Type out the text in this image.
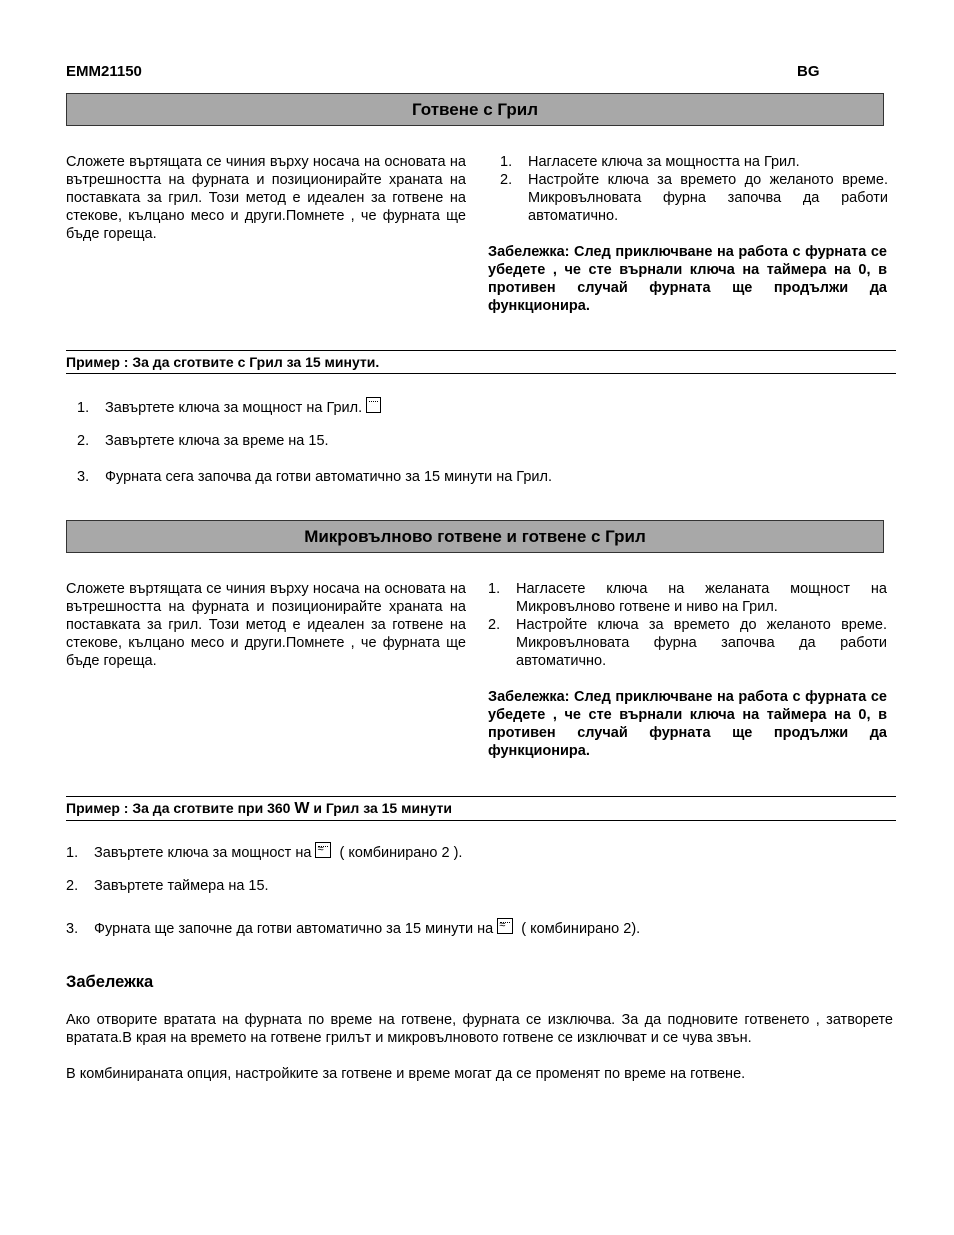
EMM21150	BG
Готвене с Грил

Сложете въртящата се чиния върху носача на основата на вътрешността на фурната и позиционирайте храната на поставката за грил. Този метод е идеален за готвене на стекове, кълцано месо и други.Помнете , че фурната ще бъде гореща.

1. Нагласете ключа за мощността на Грил.
2. Настройте ключа за времето до желаното време. Микровълновата фурна започва да работи автоматично.

Забележка: След приключване на работа с фурната се убедете , че сте върнали ключа на таймера на 0, в противен случай фурната ще продължи да функционира.

Пример : За да сготвите с Грил за 15 минути.
1. Завъртете ключа за мощност на Грил.
2. Завъртете ключа за време на 15.
3. Фурната сега започва да готви автоматично за 15 минути на Грил.
Микровълново готвене и готвене с Грил

Сложете въртящата се чиния върху носача на основата на вътрешността на фурната и позиционирайте храната на поставката за грил. Този метод е идеален за готвене на стекове, кълцано месо и други.Помнете , че фурната ще бъде гореща.

1. Нагласете ключа на желаната мощност на Микровълново готвене и ниво на Грил.
2. Настройте ключа за времето до желаното време. Микровълновата фурна започва да работи автоматично.

Забележка: След приключване на работа с фурната се убедете , че сте върнали ключа на таймера на 0, в противен случай фурната ще продължи да функционира.

Пример : За да сготвите при 360 W и Грил за 15 минути
1. Завъртете ключа за мощност на ≈ ( комбинирано 2 ).
2. Завъртете таймера на 15.
3. Фурната ще започне да готви автоматично за 15 минути на ≈ ( комбинирано 2).
Забележка

Ако отворите вратата на фурната по време на готвене, фурната се изключва. За да подновите готвенето , затворете вратата.В края на времето на готвене грилът и микровълновото готвене се изключват и се чува звън.

В комбинираната опция, настройките за готвене и време могат да се променят по време на готвене.
